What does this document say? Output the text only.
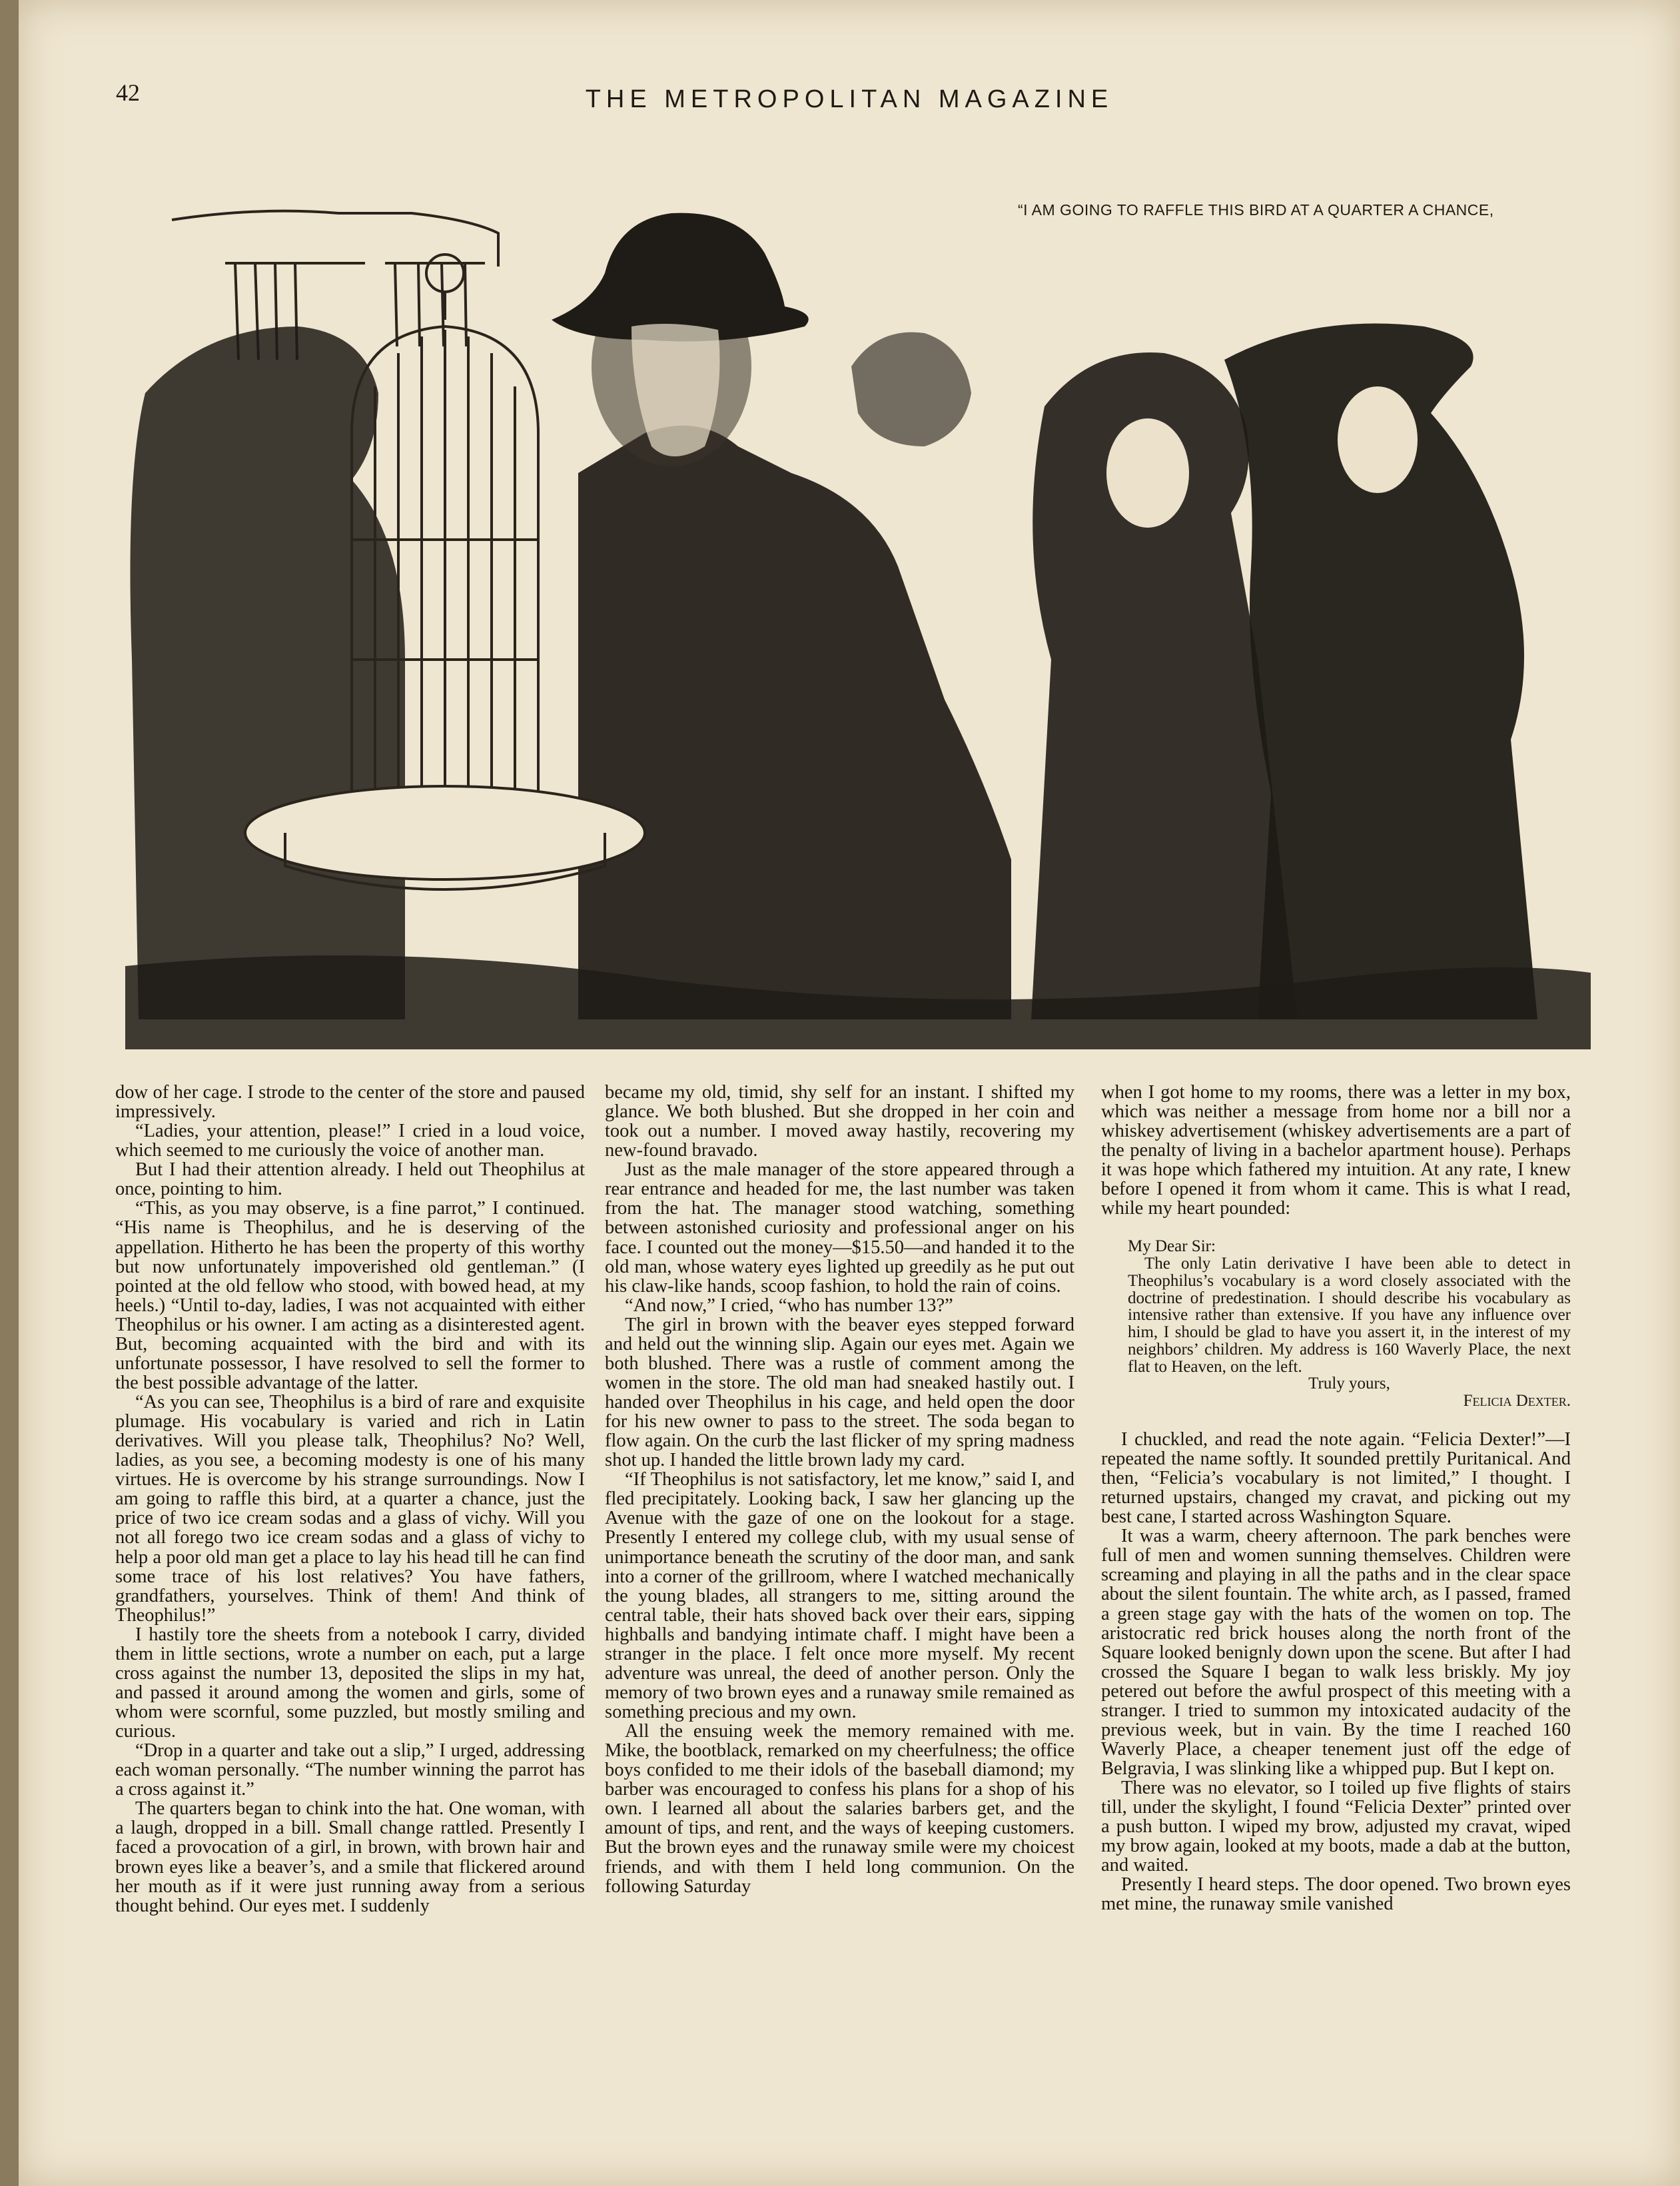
42	THE METROPOLITAN MAGAZINE
“I AM GOING TO RAFFLE THIS BIRD AT A QUARTER A CHANCE,

dow of her cage. I strode to the center of the store and paused impressively.

“Ladies, your attention, please!” I cried in a loud voice, which seemed to me curiously the voice of another man.

But I had their attention already. I held out Theophilus at once, pointing to him.

“This, as you may observe, is a fine parrot,” I continued. “His name is Theophilus, and he is deserving of the appellation. Hitherto he has been the property of this worthy but now unfortunately impoverished old gentleman.” (I pointed at the old fellow who stood, with bowed head, at my heels.) “Until to-day, ladies, I was not acquainted with either Theophilus or his owner. I am acting as a disinterested agent. But, becoming acquainted with the bird and with its unfortunate possessor, I have resolved to sell the former to the best possible advantage of the latter.

“As you can see, Theophilus is a bird of rare and exquisite plumage. His vocabulary is varied and rich in Latin derivatives. Will you please talk, Theophilus? No? Well, ladies, as you see, a becoming modesty is one of his many virtues. He is overcome by his strange surroundings. Now I am going to raffle this bird, at a quarter a chance, just the price of two ice cream sodas and a glass of vichy. Will you not all forego two ice cream sodas and a glass of vichy to help a poor old man get a place to lay his head till he can find some trace of his lost relatives? You have fathers, grandfathers, yourselves. Think of them! And think of Theophilus!”

I hastily tore the sheets from a notebook I carry, divided them in little sections, wrote a number on each, put a large cross against the number 13, deposited the slips in my hat, and passed it around among the women and girls, some of whom were scornful, some puzzled, but mostly smiling and curious.

“Drop in a quarter and take out a slip,” I urged, addressing each woman personally. “The number winning the parrot has a cross against it.”

The quarters began to chink into the hat. One woman, with a laugh, dropped in a bill. Small change rattled. Presently I faced a provocation of a girl, in brown, with brown hair and brown eyes like a beaver’s, and a smile that flickered around her mouth as if it were just running away from a serious thought behind. Our eyes met. I suddenly

became my old, timid, shy self for an instant. I shifted my glance. We both blushed. But she dropped in her coin and took out a number. I moved away hastily, recovering my new-found bravado.

Just as the male manager of the store appeared through a rear entrance and headed for me, the last number was taken from the hat. The manager stood watching, something between astonished curiosity and professional anger on his face. I counted out the money—$15.50—and handed it to the old man, whose watery eyes lighted up greedily as he put out his claw-like hands, scoop fashion, to hold the rain of coins.

“And now,” I cried, “who has number 13?”

The girl in brown with the beaver eyes stepped forward and held out the winning slip. Again our eyes met. Again we both blushed. There was a rustle of comment among the women in the store. The old man had sneaked hastily out. I handed over Theophilus in his cage, and held open the door for his new owner to pass to the street. The soda began to flow again. On the curb the last flicker of my spring madness shot up. I handed the little brown lady my card.

“If Theophilus is not satisfactory, let me know,” said I, and fled precipitately. Looking back, I saw her glancing up the Avenue with the gaze of one on the lookout for a stage. Presently I entered my college club, with my usual sense of unimportance beneath the scrutiny of the door man, and sank into a corner of the grillroom, where I watched mechanically the young blades, all strangers to me, sitting around the central table, their hats shoved back over their ears, sipping highballs and bandying intimate chaff. I might have been a stranger in the place. I felt once more myself. My recent adventure was unreal, the deed of another person. Only the memory of two brown eyes and a runaway smile remained as something precious and my own.

All the ensuing week the memory remained with me. Mike, the bootblack, remarked on my cheerfulness; the office boys confided to me their idols of the baseball diamond; my barber was encouraged to confess his plans for a shop of his own. I learned all about the salaries barbers get, and the amount of tips, and rent, and the ways of keeping customers. But the brown eyes and the runaway smile were my choicest friends, and with them I held long communion. On the following Saturday

when I got home to my rooms, there was a letter in my box, which was neither a message from home nor a bill nor a whiskey advertisement (whiskey advertisements are a part of the penalty of living in a bachelor apartment house). Perhaps it was hope which fathered my intuition. At any rate, I knew before I opened it from whom it came. This is what I read, while my heart pounded:

My Dear Sir:

The only Latin derivative I have been able to detect in Theophilus’s vocabulary is a word closely associated with the doctrine of predestination. I should describe his vocabulary as intensive rather than extensive. If you have any influence over him, I should be glad to have you assert it, in the interest of my neighbors’ children. My address is 160 Waverly Place, the next flat to Heaven, on the left.

Truly yours,

Felicia Dexter.

I chuckled, and read the note again. “Felicia Dexter!”—I repeated the name softly. It sounded prettily Puritanical. And then, “Felicia’s vocabulary is not limited,” I thought. I returned upstairs, changed my cravat, and picking out my best cane, I started across Washington Square.

It was a warm, cheery afternoon. The park benches were full of men and women sunning themselves. Children were screaming and playing in all the paths and in the clear space about the silent fountain. The white arch, as I passed, framed a green stage gay with the hats of the women on top. The aristocratic red brick houses along the north front of the Square looked benignly down upon the scene. But after I had crossed the Square I began to walk less briskly. My joy petered out before the awful prospect of this meeting with a stranger. I tried to summon my intoxicated audacity of the previous week, but in vain. By the time I reached 160 Waverly Place, a cheaper tenement just off the edge of Belgravia, I was slinking like a whipped pup. But I kept on.

There was no elevator, so I toiled up five flights of stairs till, under the skylight, I found “Felicia Dexter” printed over a push button. I wiped my brow, adjusted my cravat, wiped my brow again, looked at my boots, made a dab at the button, and waited.

Presently I heard steps. The door opened. Two brown eyes met mine, the runaway smile vanished
